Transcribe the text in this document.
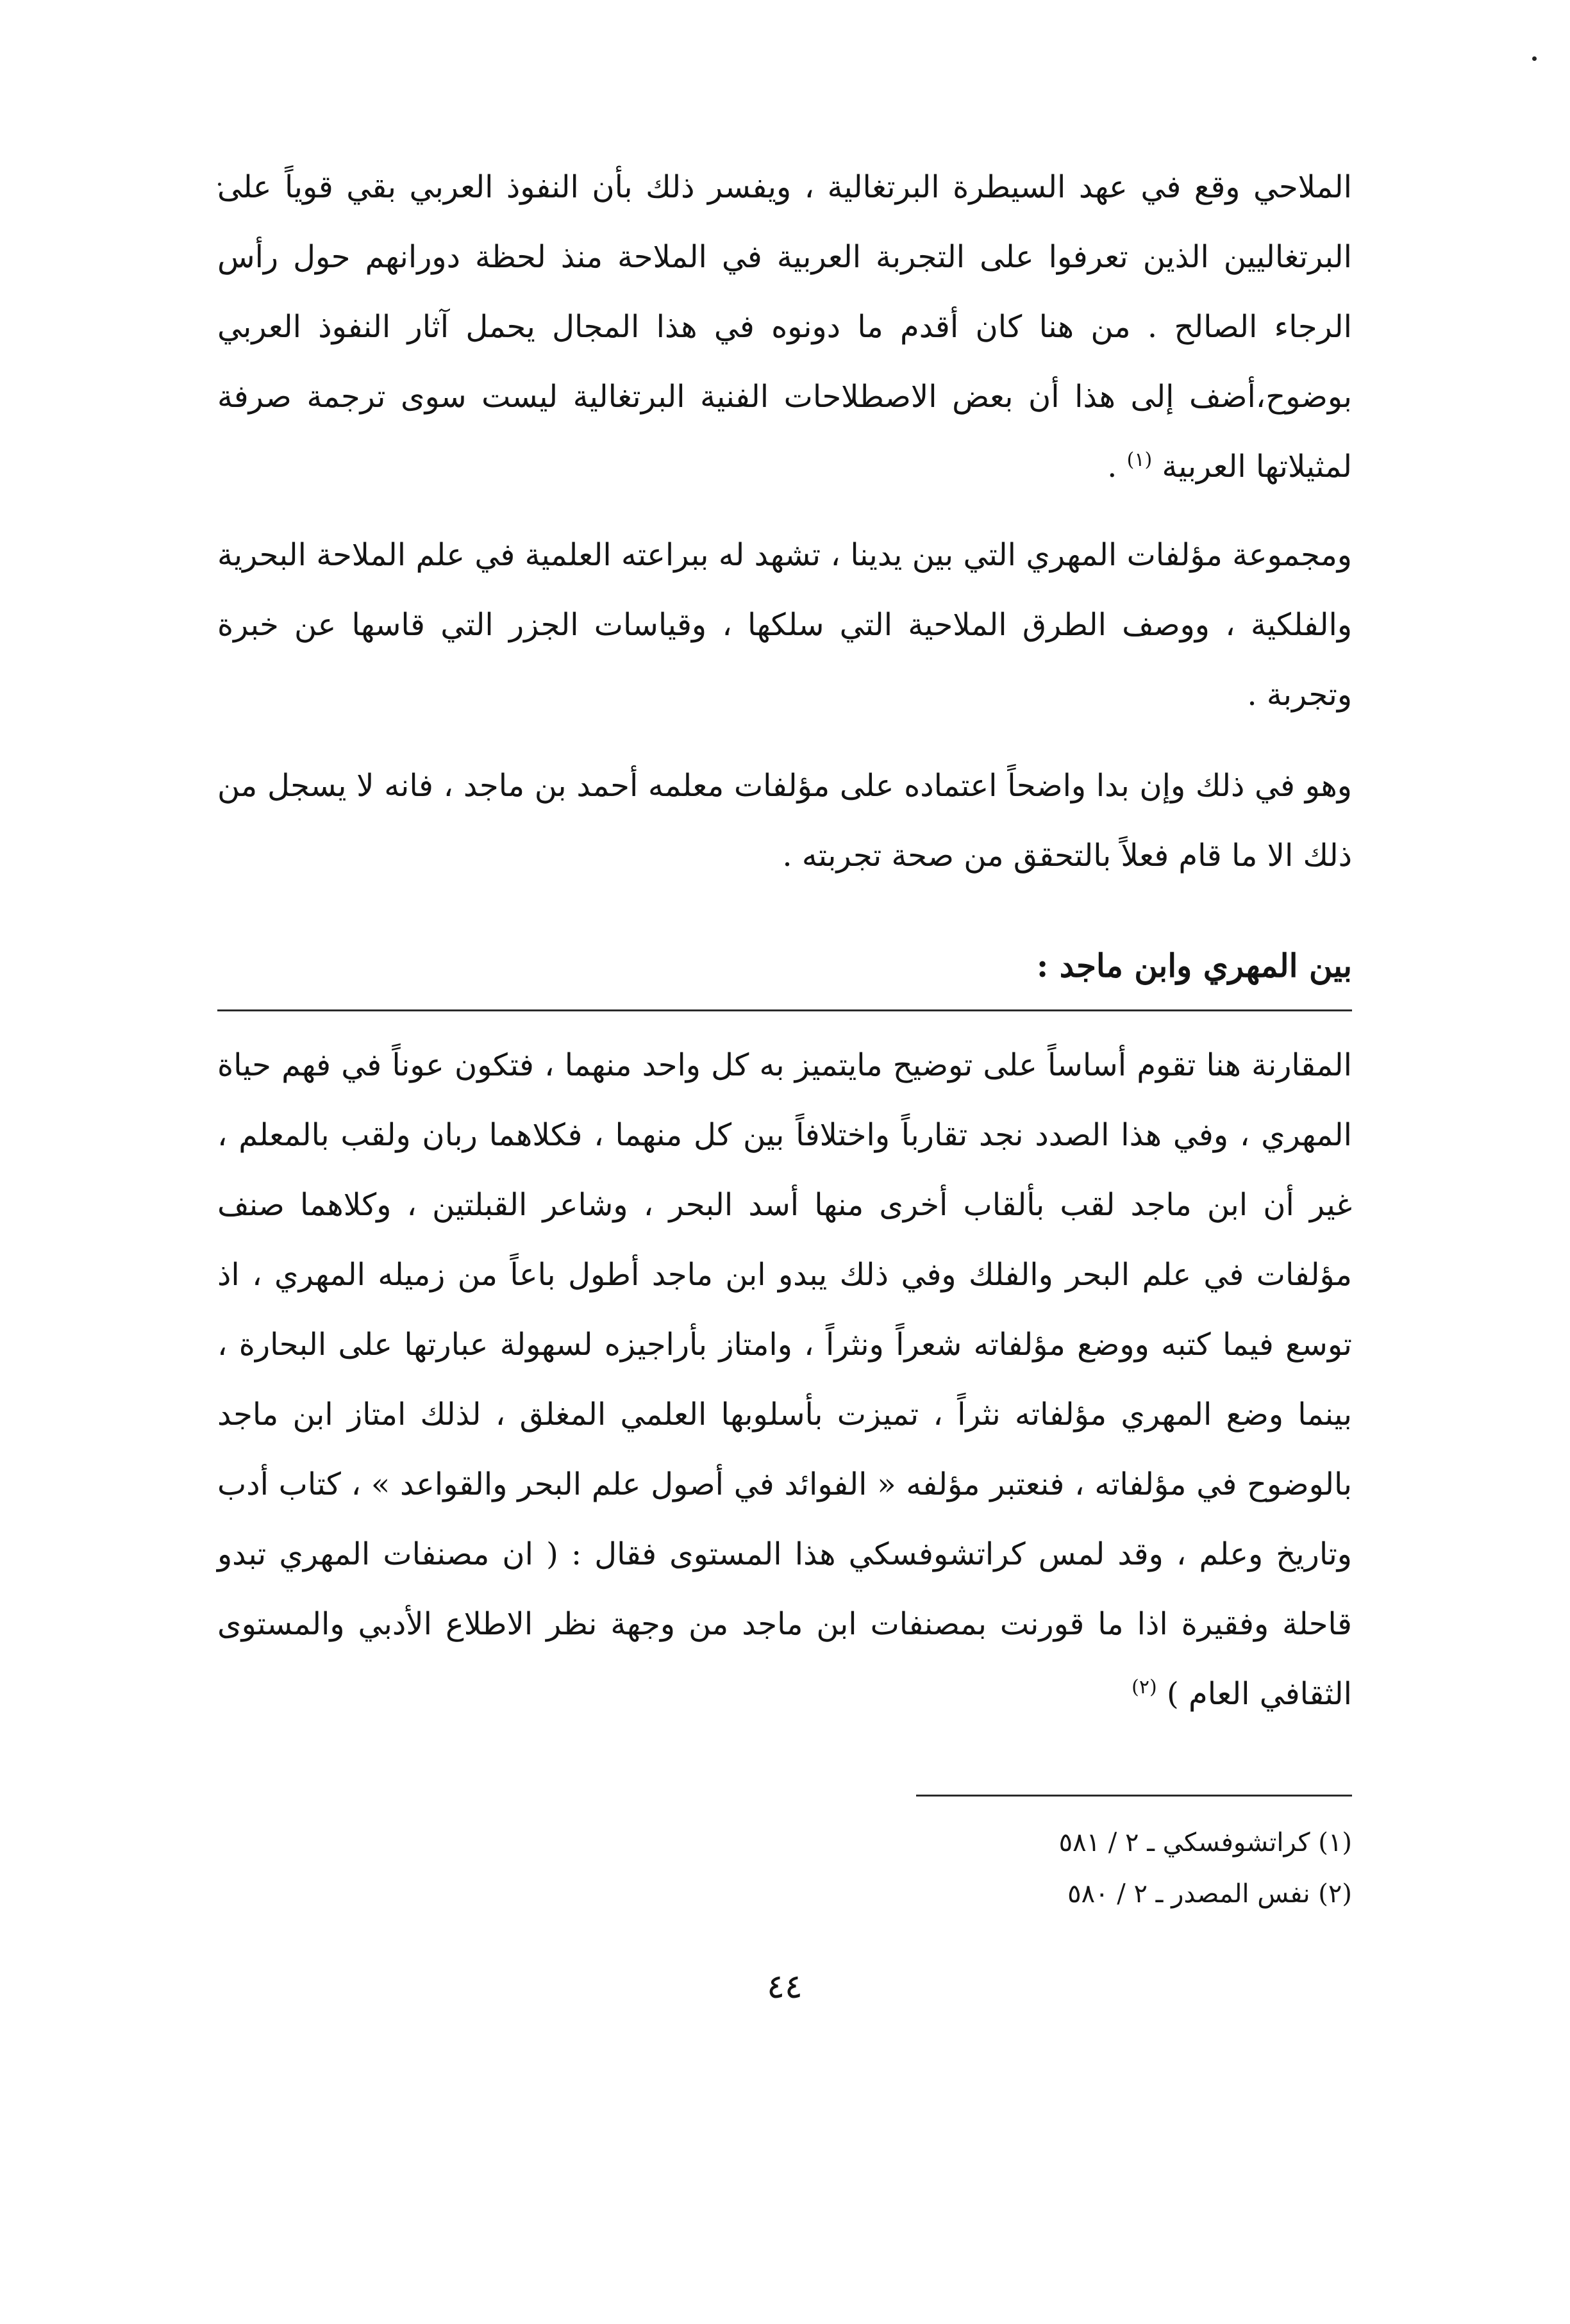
الملاحي وقع في عهد السيطرة البرتغالية ، ويفسر ذلك بأن النفوذ العربي بقي قوياً على البرتغاليين الذين تعرفوا على التجربة العربية في الملاحة منذ لحظة دورانهم حول رأس الرجاء الصالح . من هنا كان أقدم ما دونوه في هذا المجال يحمل آثار النفوذ العربي بوضوح،أضف إلى هذا أن بعض الاصطلاحات الفنية البرتغالية ليست سوى ترجمة صرفة لمثيلاتها العربية $^{(١)}$ .

ومجموعة مؤلفات المهري التي بين يدينا ، تشهد له ببراعته العلمية في علم الملاحة البحرية والفلكية ، ووصف الطرق الملاحية التي سلكها ، وقياسات الجزر التي قاسها عن خبرة وتجربة .

وهو في ذلك وإن بدا واضحاً اعتماده على مؤلفات معلمه أحمد بن ماجد ، فانه لا يسجل من ذلك الا ما قام فعلاً بالتحقق من صحة تجربته .

بين المهري وابن ماجد :

المقارنة هنا تقوم أساساً على توضيح مايتميز به كل واحد منهما ، فتكون عوناً في فهم حياة المهري ، وفي هذا الصدد نجد تقارباً واختلافاً بين كل منهما ، فكلاهما ربان ولقب بالمعلم ، غير أن ابن ماجد لقب بألقاب أخرى منها أسد البحر ، وشاعر القبلتين ، وكلاهما صنف مؤلفات في علم البحر والفلك وفي ذلك يبدو ابن ماجد أطول باعاً من زميله المهري ، اذ توسع فيما كتبه ووضع مؤلفاته شعراً ونثراً ، وامتاز بأراجيزه لسهولة عبارتها على البحارة ، بينما وضع المهري مؤلفاته نثراً ، تميزت بأسلوبها العلمي المغلق ، لذلك امتاز ابن ماجد بالوضوح في مؤلفاته ، فنعتبر مؤلفه « الفوائد في أصول علم البحر والقواعد » ، كتاب أدب وتاريخ وعلم ، وقد لمس كراتشوفسكي هذا المستوى فقال : ( ان مصنفات المهري تبدو قاحلة وفقيرة اذا ما قورنت بمصنفات ابن ماجد من وجهة نظر الاطلاع الأدبي والمستوى الثقافي العام ) $^{(٢)}$

(١) كراتشوفسكي ـ ٢ / ٥٨١
(٢) نفس المصدر ـ ٢ / ٥٨٠
٤٤
